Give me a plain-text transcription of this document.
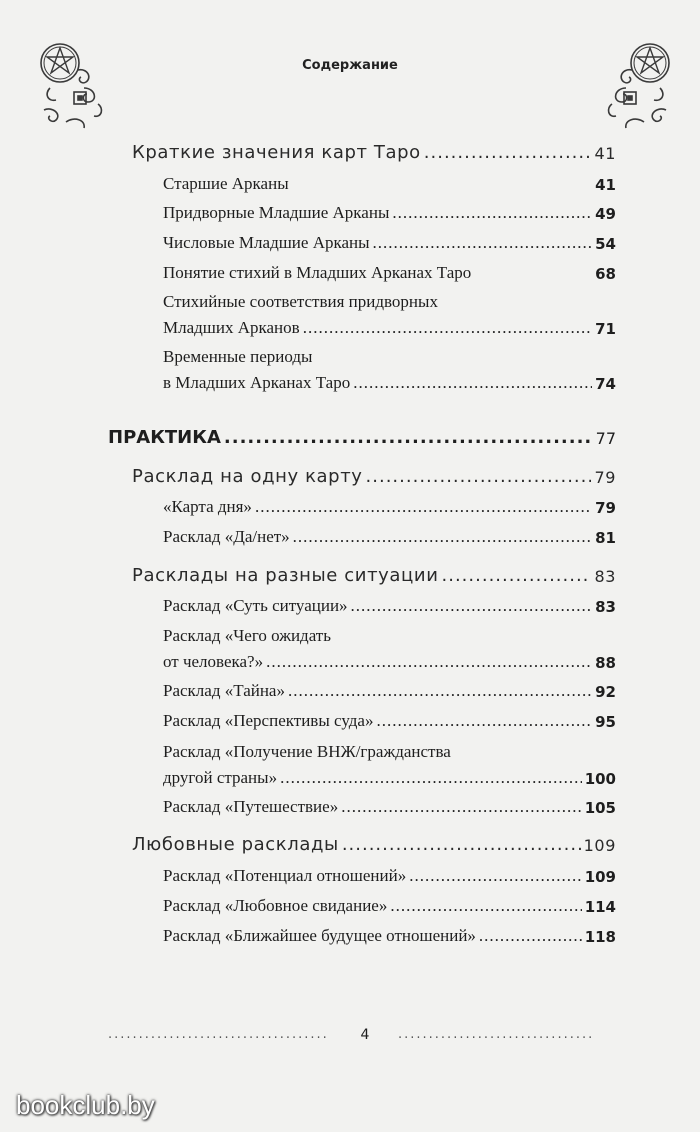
Содержание
Краткие значения карт Таро .....	41
Старшие Арканы	41
Придворные Младшие Арканы .....	49
Числовые Младшие Арканы .....	54
Понятие стихий в Младших Арканах Таро	68
Стихийные соответствия придворных
Младших Арканов .....	71
Временные периоды
в Младших Арканах Таро .....	74
ПРАКТИКА .....	77
Расклад на одну карту .....	79
«Карта дня» .....	79
Расклад «Да/нет» .....	81
Расклады на разные ситуации .....	83
Расклад «Суть ситуации» .....	83
Расклад «Чего ожидать
от человека?» .....	88
Расклад «Тайна» .....	92
Расклад «Перспективы суда» .....	95
Расклад «Получение ВНЖ/гражданства
другой страны» .....	100
Расклад «Путешествие» .....	105
Любовные расклады .....	109
Расклад «Потенциал отношений» .....	109
Расклад «Любовное свидание» .....	114
Расклад «Ближайшее будущее отношений» .....	118
.....
4
.....
bookclub.by
